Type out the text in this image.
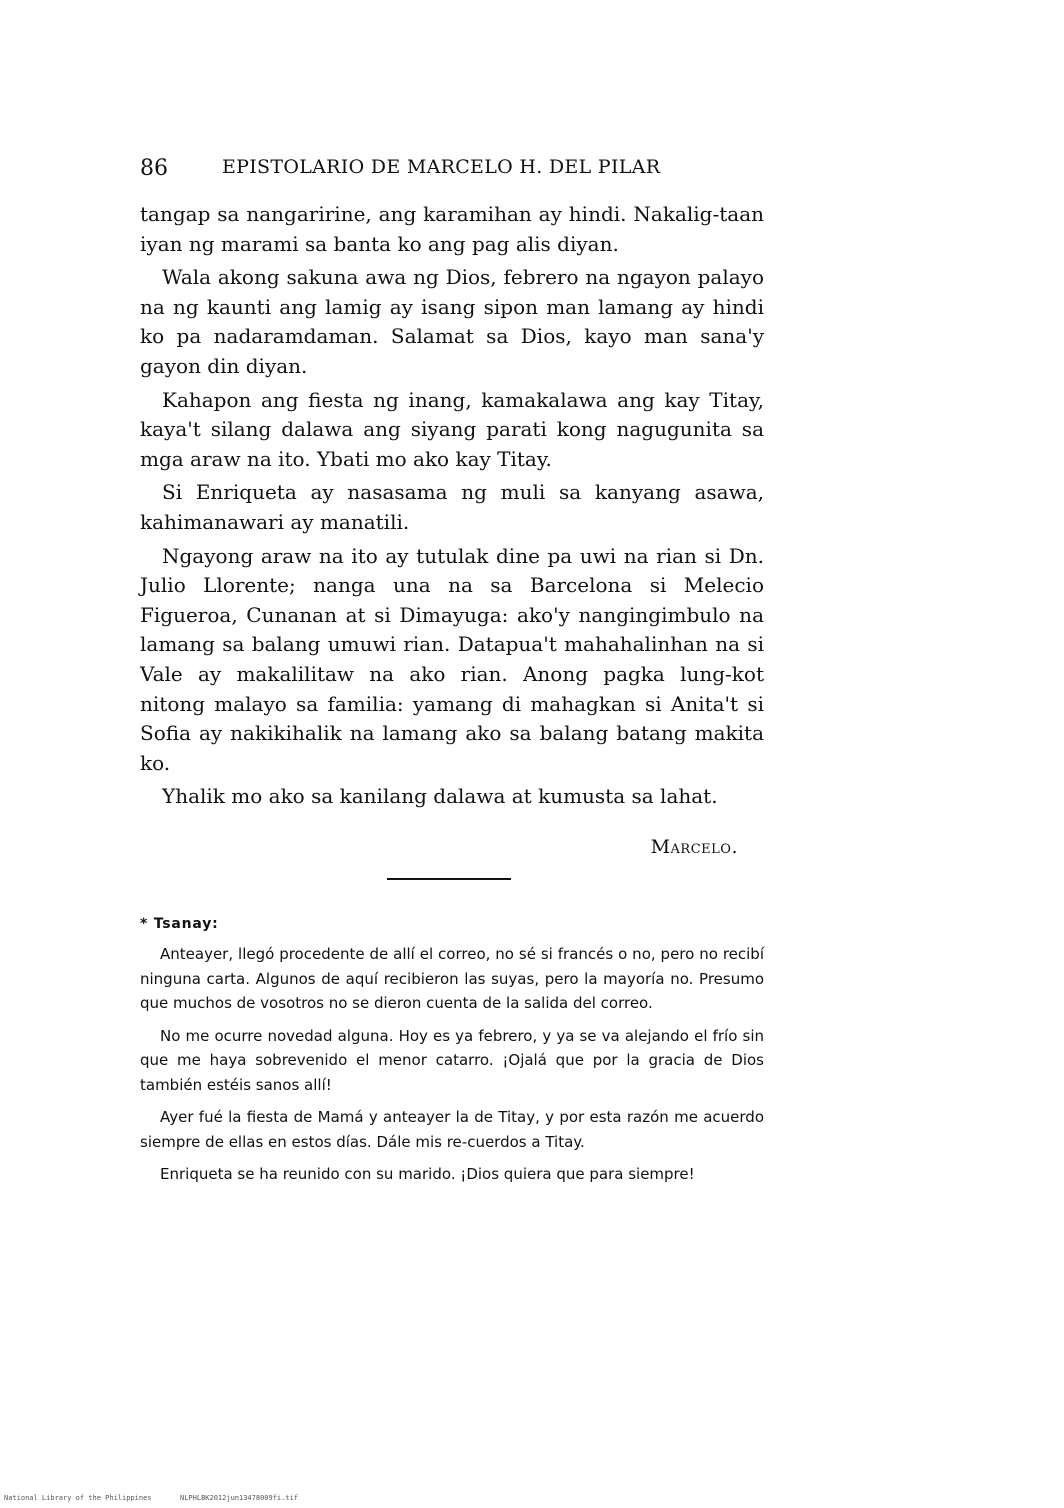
86	EPISTOLARIO DE MARCELO H. DEL PILAR

tangap sa nangaririne, ang karamihan ay hindi. Nakalig-taan iyan ng marami sa banta ko ang pag alis diyan.

Wala akong sakuna awa ng Dios, febrero na ngayon palayo na ng kaunti ang lamig ay isang sipon man lamang ay hindi ko pa nadaramdaman. Salamat sa Dios, kayo man sana'y gayon din diyan.

Kahapon ang fiesta ng inang, kamakalawa ang kay Titay, kaya't silang dalawa ang siyang parati kong nagugunita sa mga araw na ito. Ybati mo ako kay Titay.

Si Enriqueta ay nasasama ng muli sa kanyang asawa, kahimanawari ay manatili.

Ngayong araw na ito ay tutulak dine pa uwi na rian si Dn. Julio Llorente; nanga una na sa Barcelona si Melecio Figueroa, Cunanan at si Dimayuga: ako'y nangingimbulo na lamang sa balang umuwi rian. Datapua't mahahalinhan na si Vale ay makalilitaw na ako rian. Anong pagka lung-kot nitong malayo sa familia: yamang di mahagkan si Anita't si Sofia ay nakikihalik na lamang ako sa balang batang makita ko.

Yhalik mo ako sa kanilang dalawa at kumusta sa lahat.

Marcelo.

* Tsanay:

Anteayer, llegó procedente de allí el correo, no sé si francés o no, pero no recibí ninguna carta. Algunos de aquí recibieron las suyas, pero la mayoría no. Presumo que muchos de vosotros no se dieron cuenta de la salida del correo.

No me ocurre novedad alguna. Hoy es ya febrero, y ya se va alejando el frío sin que me haya sobrevenido el menor catarro. ¡Ojalá que por la gracia de Dios también estéis sanos allí!

Ayer fué la fiesta de Mamá y anteayer la de Titay, y por esta razón me acuerdo siempre de ellas en estos días. Dále mis re-cuerdos a Titay.

Enriqueta se ha reunido con su marido. ¡Dios quiera que para siempre!

National Library of the Philippines	NLPHLBK2012jun13478009fi.tif
